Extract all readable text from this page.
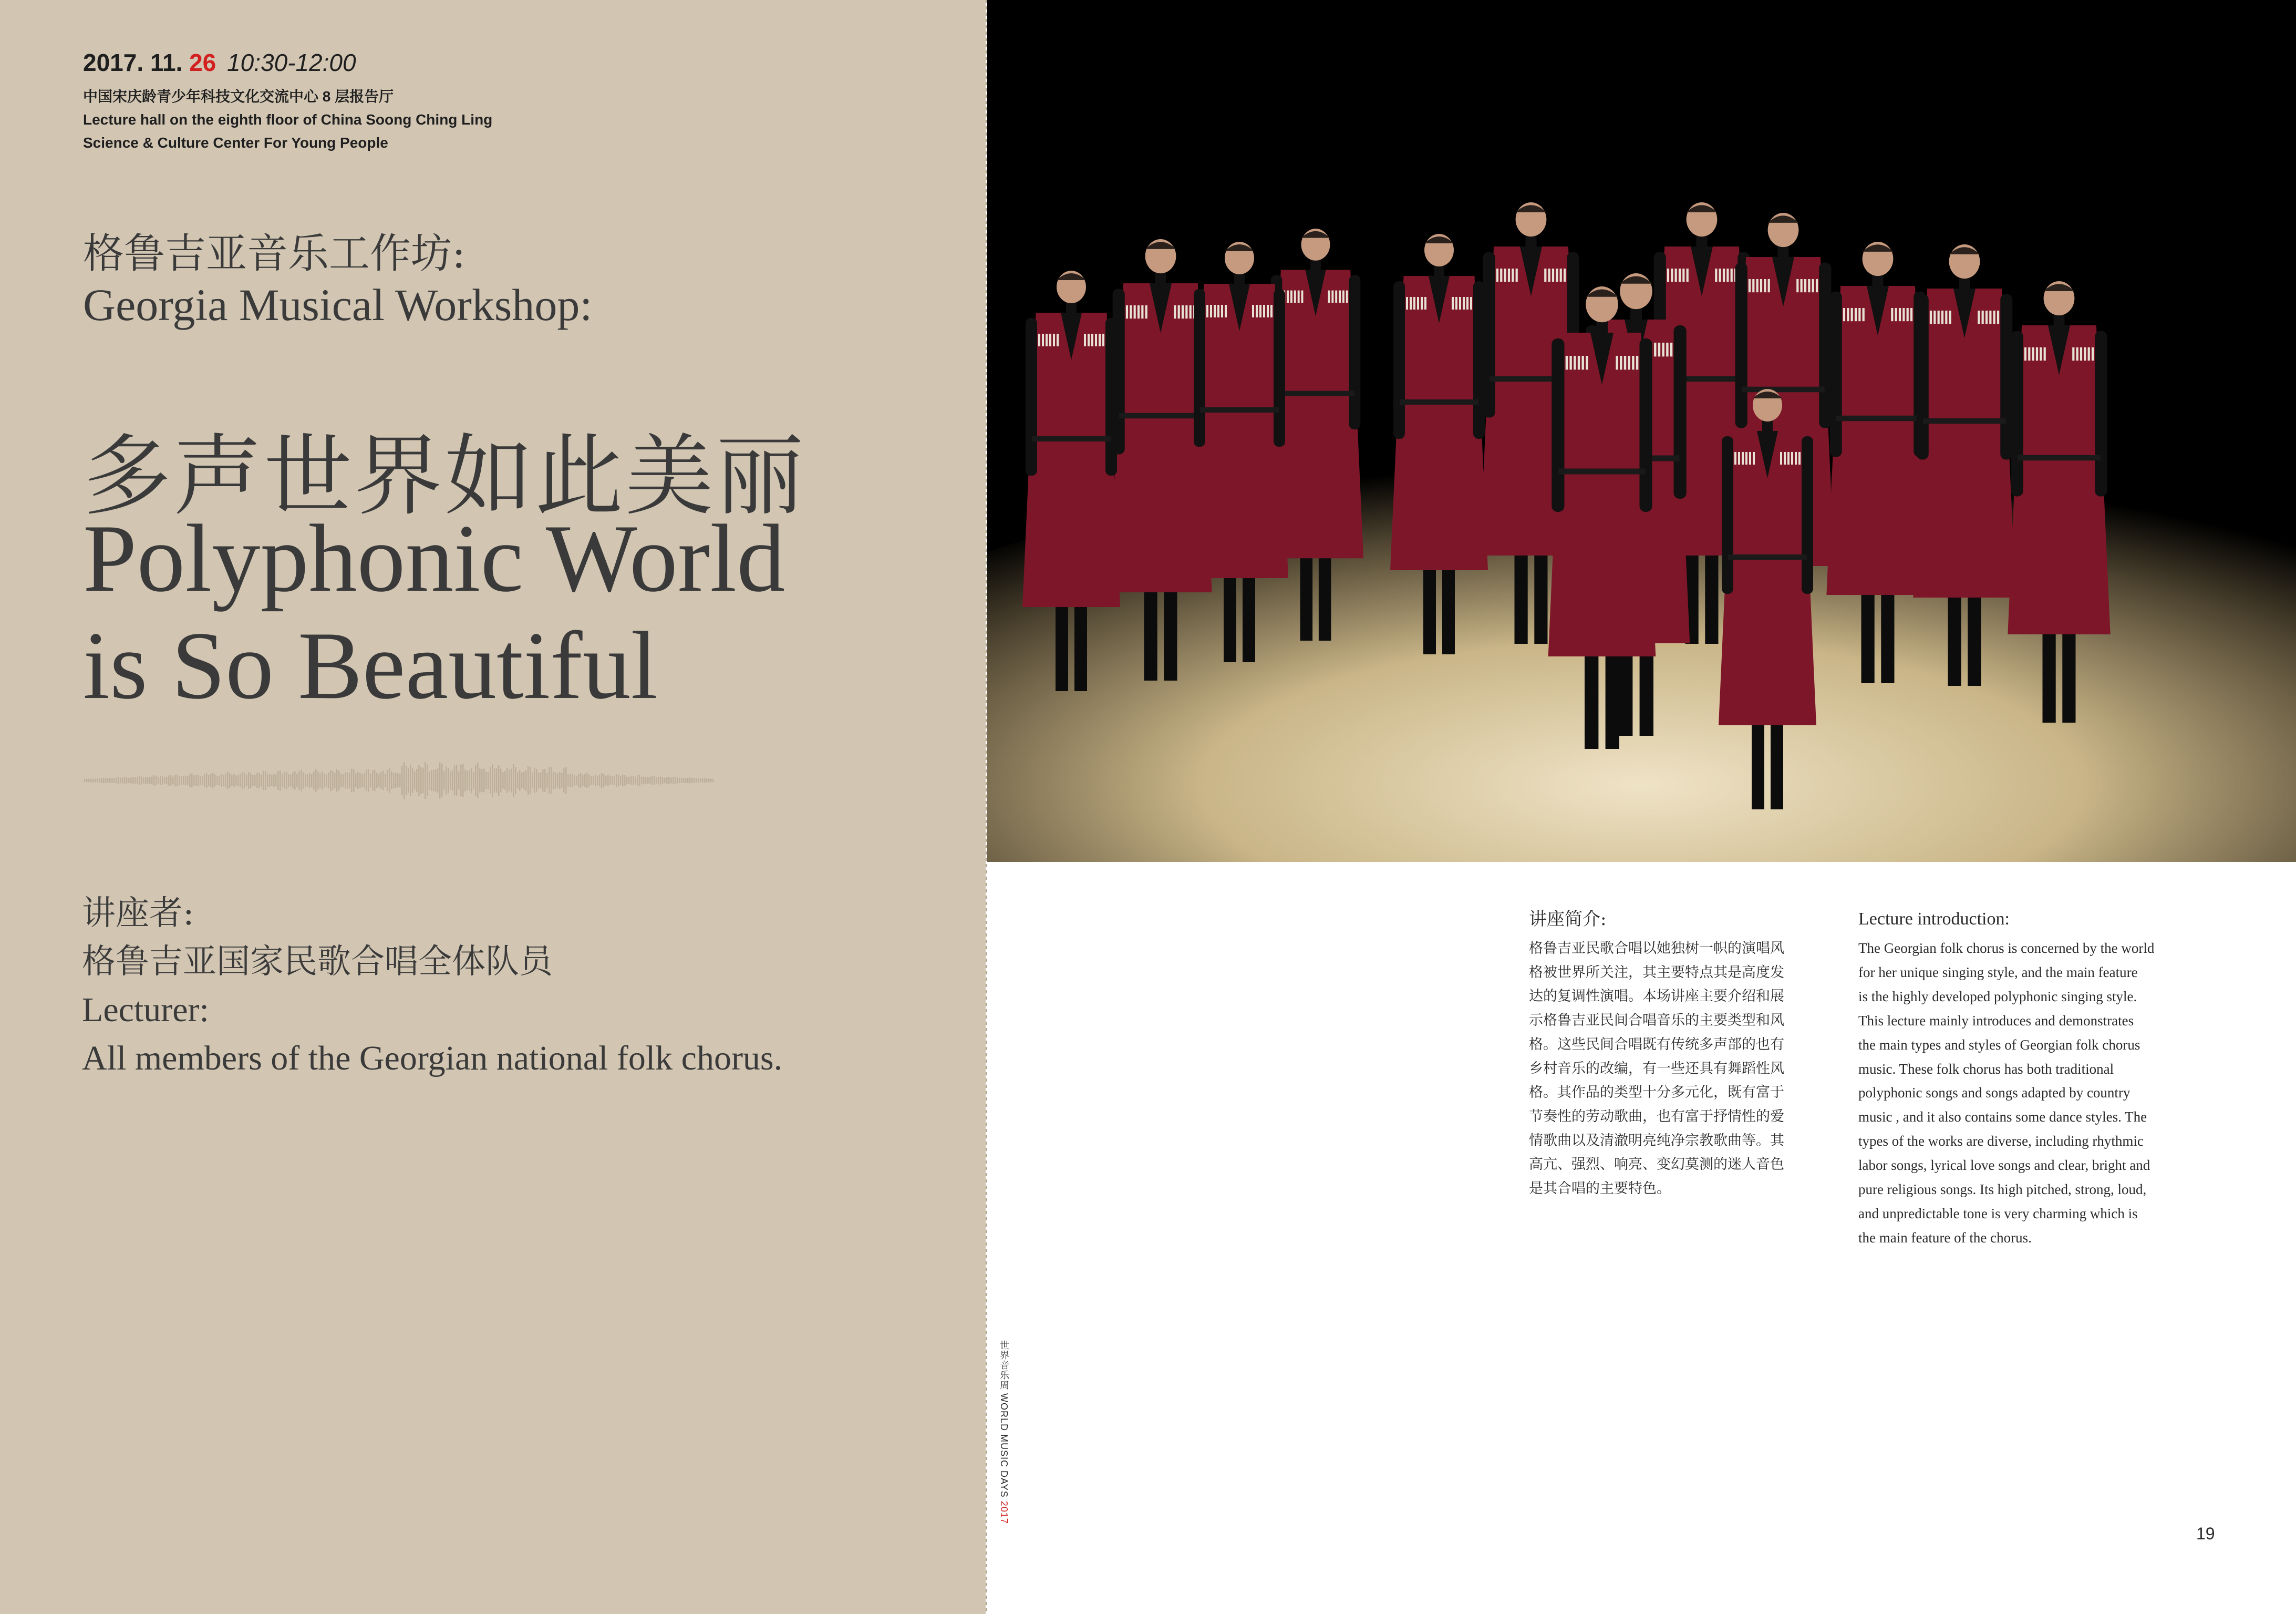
2017. 11. 26 10:30-12:00
中国宋庆龄青少年科技文化交流中心 8 层报告厅
Lecture hall on the eighth floor of China Soong Ching Ling
Science & Culture Center For Young People
格鲁吉亚音乐工作坊:
Georgia Musical Workshop:
多声世界如此美丽
Polyphonic World
is So Beautiful
讲座者:
格鲁吉亚国家民歌合唱全体队员
Lecturer:
All members of the Georgian national folk chorus.
讲座简介:
格鲁吉亚民歌合唱以她独树一帜的演唱风
格被世界所关注，其主要特点其是高度发
达的复调性演唱。本场讲座主要介绍和展
示格鲁吉亚民间合唱音乐的主要类型和风
格。这些民间合唱既有传统多声部的也有
乡村音乐的改编，有一些还具有舞蹈性风
格。其作品的类型十分多元化，既有富于
节奏性的劳动歌曲，也有富于抒情性的爱
情歌曲以及清澈明亮纯净宗教歌曲等。其
高亢、强烈、响亮、变幻莫测的迷人音色
是其合唱的主要特色。
Lecture introduction:
The Georgian folk chorus is concerned by the world
for her unique singing style, and the main feature
is the highly developed polyphonic singing style.
This lecture mainly introduces and demonstrates
the main types and styles of Georgian folk chorus
music. These folk chorus has both traditional
polyphonic songs and songs adapted by country
music , and it also contains some dance styles. The
types of the works are diverse, including rhythmic
labor songs, lyrical love songs and clear, bright and
pure religious songs. Its high pitched, strong, loud,
and unpredictable tone is very charming which is
the main feature of the chorus.
世界音乐周 WORLD MUSIC DAYS 2017
19
